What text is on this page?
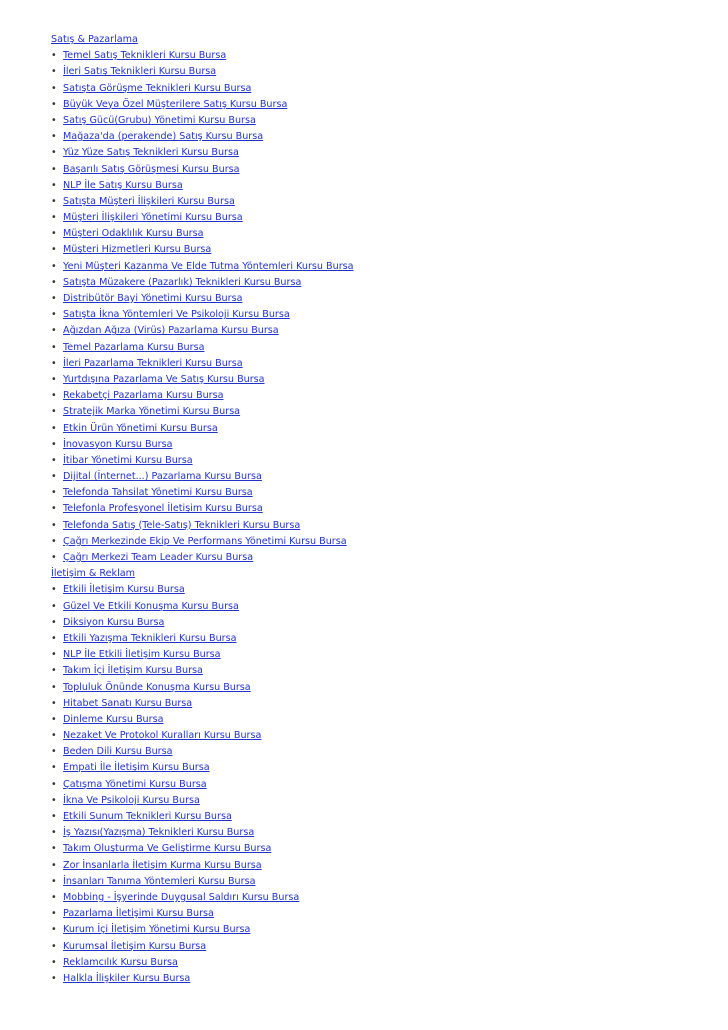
Satış & Pazarlama
• Temel Satış Teknikleri Kursu Bursa
• İleri Satış Teknikleri Kursu Bursa
• Satışta Görüşme Teknikleri Kursu Bursa
• Büyük Veya Özel Müşterilere Satış Kursu Bursa
• Satış Gücü(Grubu) Yönetimi Kursu Bursa
• Mağaza'da (perakende) Satış Kursu Bursa
• Yüz Yüze Satış Teknikleri Kursu Bursa
• Başarılı Satış Görüşmesi Kursu Bursa
• NLP İle Satış Kursu Bursa
• Satışta Müşteri İlişkileri Kursu Bursa
• Müşteri İlişkileri Yönetimi Kursu Bursa
• Müşteri Odaklılık Kursu Bursa
• Müşteri Hizmetleri Kursu Bursa
• Yeni Müşteri Kazanma Ve Elde Tutma Yöntemleri Kursu Bursa
• Satışta Müzakere (Pazarlık) Teknikleri Kursu Bursa
• Distribütör Bayi Yönetimi Kursu Bursa
• Satışta İkna Yöntemleri Ve Psikoloji Kursu Bursa
• Ağızdan Ağıza (Virüs) Pazarlama Kursu Bursa
• Temel Pazarlama Kursu Bursa
• İleri Pazarlama Teknikleri Kursu Bursa
• Yurtdışına Pazarlama Ve Satış Kursu Bursa
• Rekabetçi Pazarlama Kursu Bursa
• Stratejik Marka Yönetimi Kursu Bursa
• Etkin Ürün Yönetimi Kursu Bursa
• İnovasyon Kursu Bursa
• İtibar Yönetimi Kursu Bursa
• Dijital (İnternet...) Pazarlama Kursu Bursa
• Telefonda Tahsilat Yönetimi Kursu Bursa
• Telefonla Profesyonel İletişim Kursu Bursa
• Telefonda Satış (Tele-Satış) Teknikleri Kursu Bursa
• Çağrı Merkezinde Ekip Ve Performans Yönetimi Kursu Bursa
• Çağrı Merkezi Team Leader Kursu Bursa
İletişim & Reklam
• Etkili İletişim Kursu Bursa
• Güzel Ve Etkili Konuşma Kursu Bursa
• Diksiyon Kursu Bursa
• Etkili Yazışma Teknikleri Kursu Bursa
• NLP İle Etkili İletişim Kursu Bursa
• Takım İçi İletişim Kursu Bursa
• Topluluk Önünde Konuşma Kursu Bursa
• Hitabet Sanatı Kursu Bursa
• Dinleme Kursu Bursa
• Nezaket Ve Protokol Kuralları Kursu Bursa
• Beden Dili Kursu Bursa
• Empati İle İletişim Kursu Bursa
• Çatışma Yönetimi Kursu Bursa
• İkna Ve Psikoloji Kursu Bursa
• Etkili Sunum Teknikleri Kursu Bursa
• İş Yazısı(Yazışma) Teknikleri Kursu Bursa
• Takım Oluşturma Ve Geliştirme Kursu Bursa
• Zor İnsanlarla İletişim Kurma Kursu Bursa
• İnsanları Tanıma Yöntemleri Kursu Bursa
• Mobbing - İşyerinde Duygusal Saldırı Kursu Bursa
• Pazarlama İletişimi Kursu Bursa
• Kurum İçi İletişim Yönetimi Kursu Bursa
• Kurumsal İletişim Kursu Bursa
• Reklamcılık Kursu Bursa
• Halkla İlişkiler Kursu Bursa
